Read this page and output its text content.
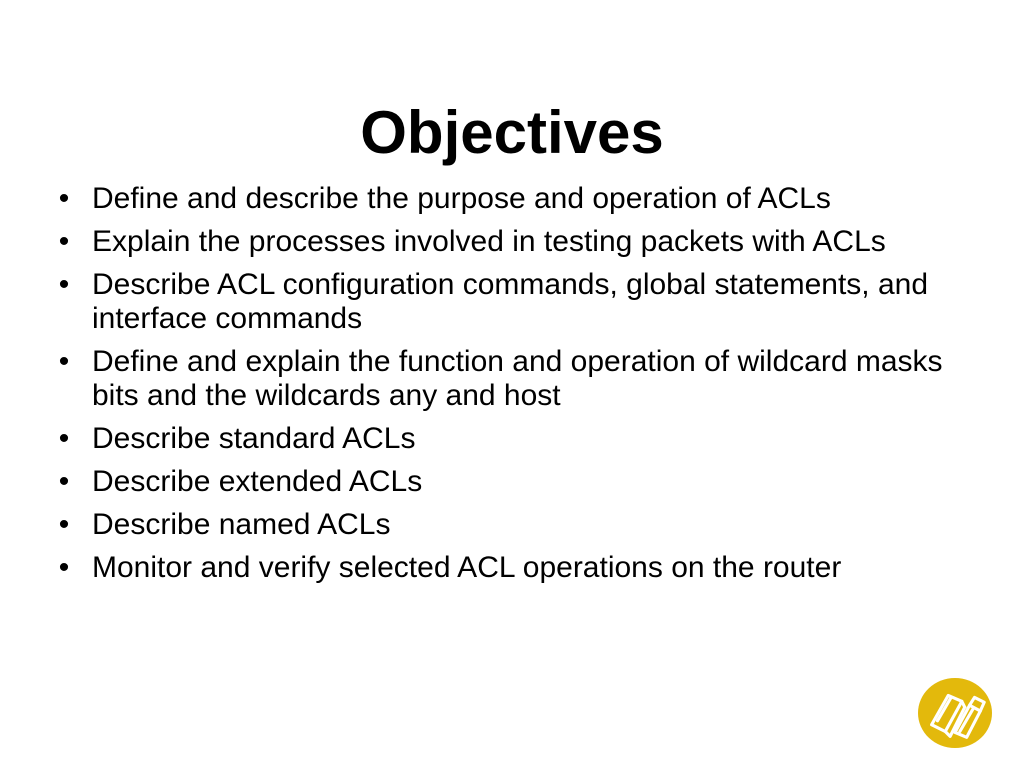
Objectives
• Define and describe the purpose and operation of ACLs
• Explain the processes involved in testing packets with ACLs
• Describe ACL configuration commands, global statements, and interface commands
• Define and explain the function and operation of wildcard masks bits and the wildcards any and host
• Describe standard ACLs
• Describe extended ACLs
• Describe named ACLs
• Monitor and verify selected ACL operations on the router
